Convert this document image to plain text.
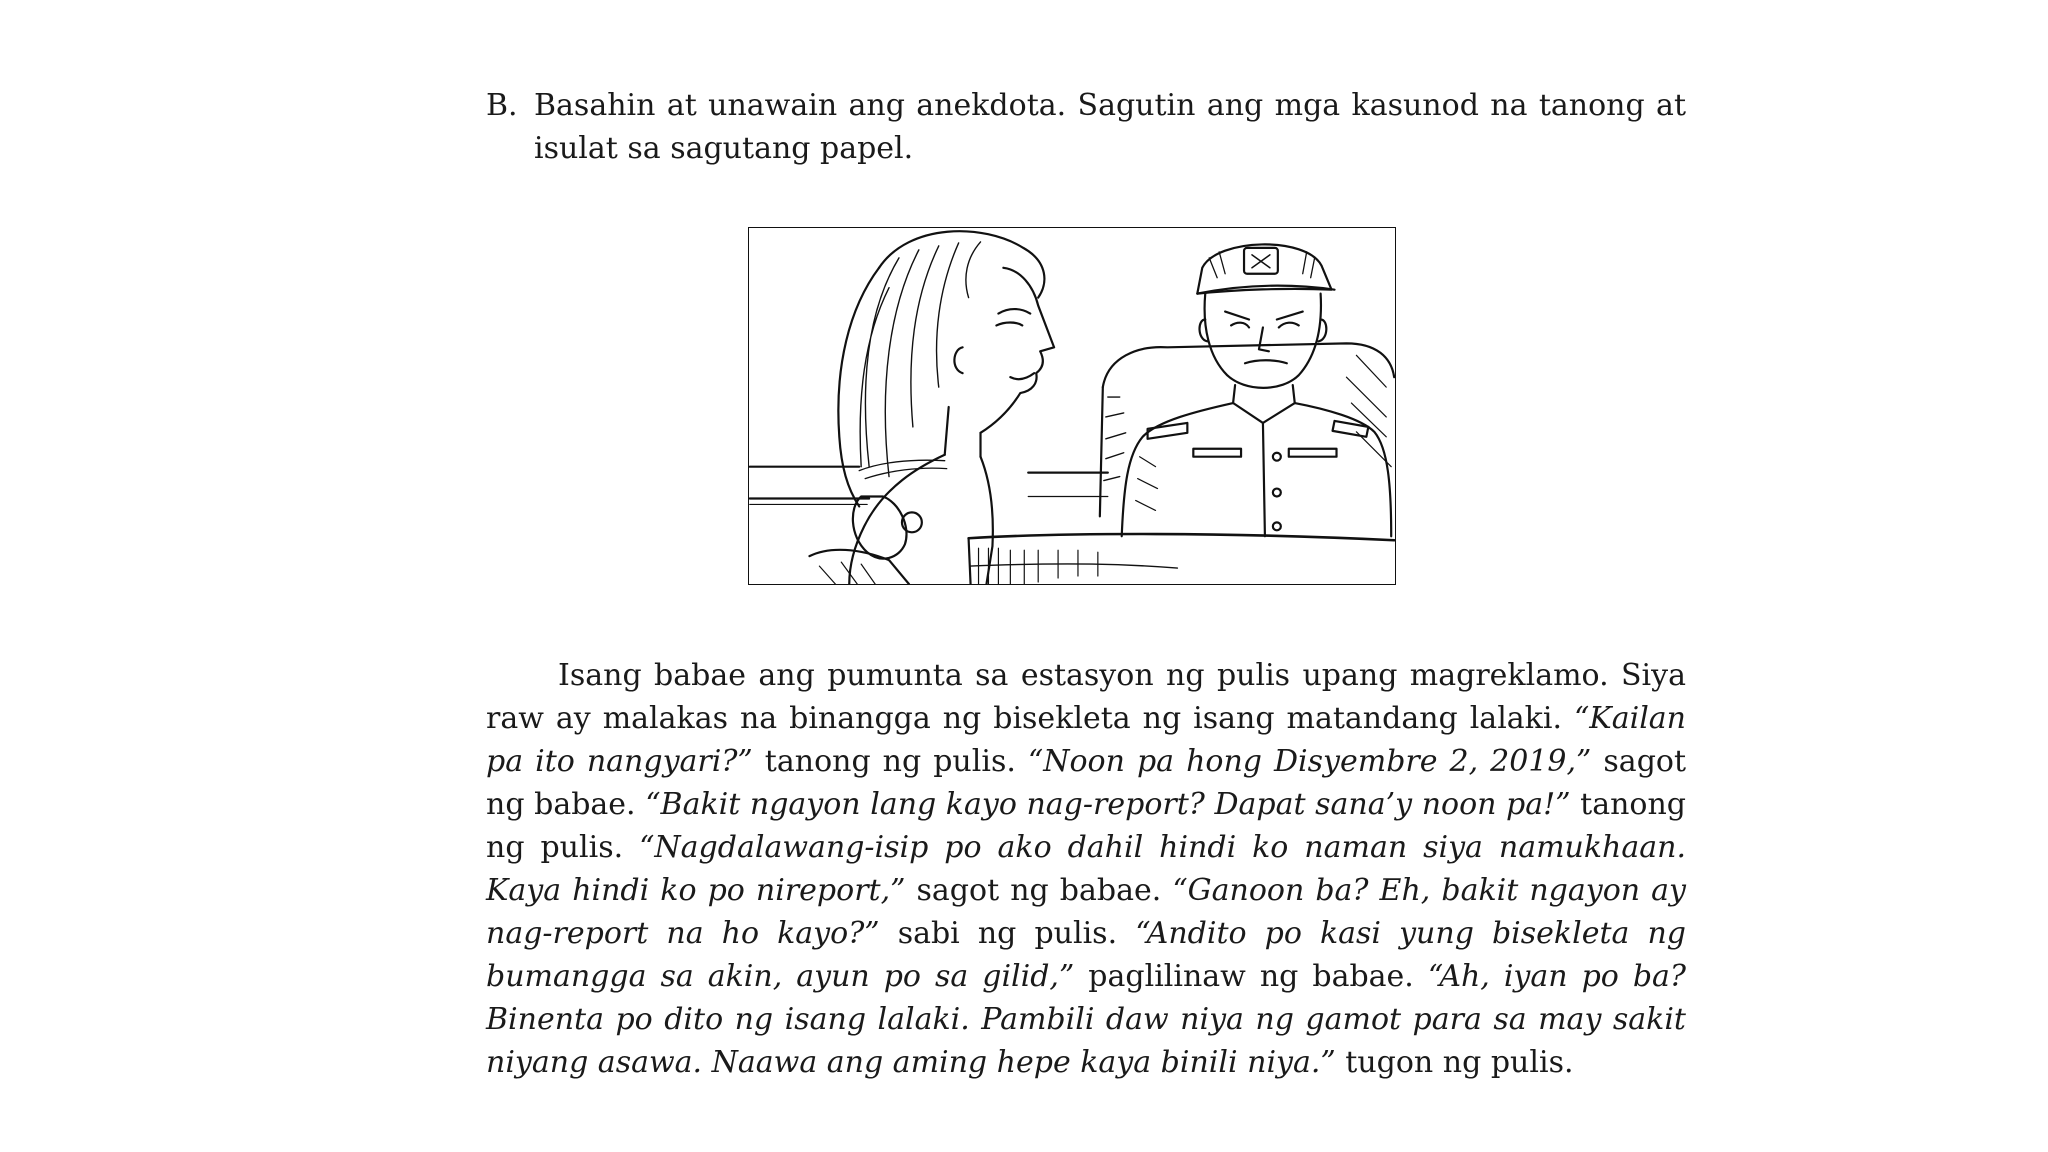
B. Basahin at unawain ang anekdota. Sagutin ang mga kasunod na tanong at isulat sa sagutang papel.

Isang babae ang pumunta sa estasyon ng pulis upang magreklamo. Siya raw ay malakas na binangga ng bisekleta ng isang matandang lalaki. “Kailan pa ito nangyari?” tanong ng pulis. “Noon pa hong Disyembre 2, 2019,” sagot ng babae. “Bakit ngayon lang kayo nag-report? Dapat sana’y noon pa!” tanong ng pulis. “Nagdalawang-isip po ako dahil hindi ko naman siya namukhaan. Kaya hindi ko po nireport,” sagot ng babae. “Ganoon ba? Eh, bakit ngayon ay nag-report na ho kayo?” sabi ng pulis. “Andito po kasi yung bisekleta ng bumangga sa akin, ayun po sa gilid,” paglilinaw ng babae. “Ah, iyan po ba? Binenta po dito ng isang lalaki. Pambili daw niya ng gamot para sa may sakit niyang asawa. Naawa ang aming hepe kaya binili niya.” tugon ng pulis.
